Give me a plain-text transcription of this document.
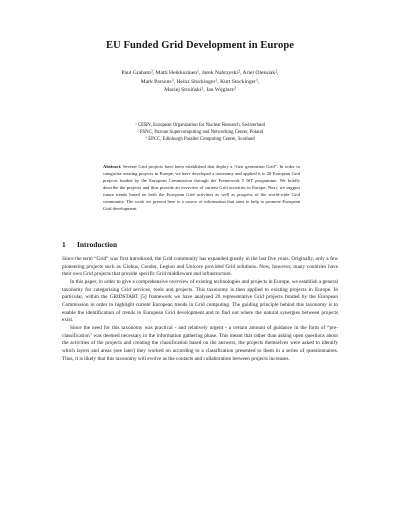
EU Funded Grid Development in Europe
Paul Graham$^3$, Matti Heikkurinen$^1$, Jarek Nabrzyski$^2$, Ariel Oleksiak$^2$,
Mark Parsons$^3$, Heinz Stockinger$^1$, Kurt Stockinger$^1$,
Maciej Stroiński$^2$, Jan Węglarz$^2$
$^1$ CERN, European Organization for Nuclear Research, Switzerland
$^2$ PSNC, Poznan Supercomputing and Networking Center, Poland
$^3$ EPCC, Edinburgh Parallel Computing Centre, Scotland
Abstract. Several Grid projects have been established that deploy a “first generation Grid”. In order to categorise existing projects in Europe, we have developed a taxonomy and applied it to 20 European Grid projects funded by the European Commission through the Framework 5 IST programme. We briefly describe the projects and thus provide an overview of current Grid activities in Europe. Next, we suggest future trends based on both the European Grid activities as well as progress of the world-wide Grid community. The work we present here is a source of information that aims to help to promote European Grid development.
1 Introduction

Since the term “Grid” was first introduced, the Grid community has expanded greatly in the last five years. Originally, only a few pioneering projects such as Globus, Condor, Legion and Unicore provided Grid solutions. Now, however, many countries have their own Grid projects that provide specific Grid middleware and infrastructure.

In this paper, in order to give a comprehensive overview of existing technologies and projects in Europe, we establish a general taxonomy for categorising Grid services, tools and projects. This taxonomy is then applied to existing projects in Europe. In particular, within the GRIDSTART [5] framework we have analysed 20 representative Grid projects funded by the European Commission in order to highlight current European trends in Grid computing. The guiding principle behind this taxonomy is to enable the identification of trends in European Grid development and to find out where the natural synergies between projects exist.

Since the need for this taxonomy was practical - and relatively urgent - a certain amount of guidance in the form of “pre-classification” was deemed necessary in the information gathering phase. This meant that rather than asking open questions about the activities of the projects and creating the classification based on the answers, the projects themselves were asked to identify which layers and areas (see later) they worked on according to a classification presented to them in a series of questionnaires. Thus, it is likely that this taxonomy will evolve as the contacts and collaboration between projects increases.
